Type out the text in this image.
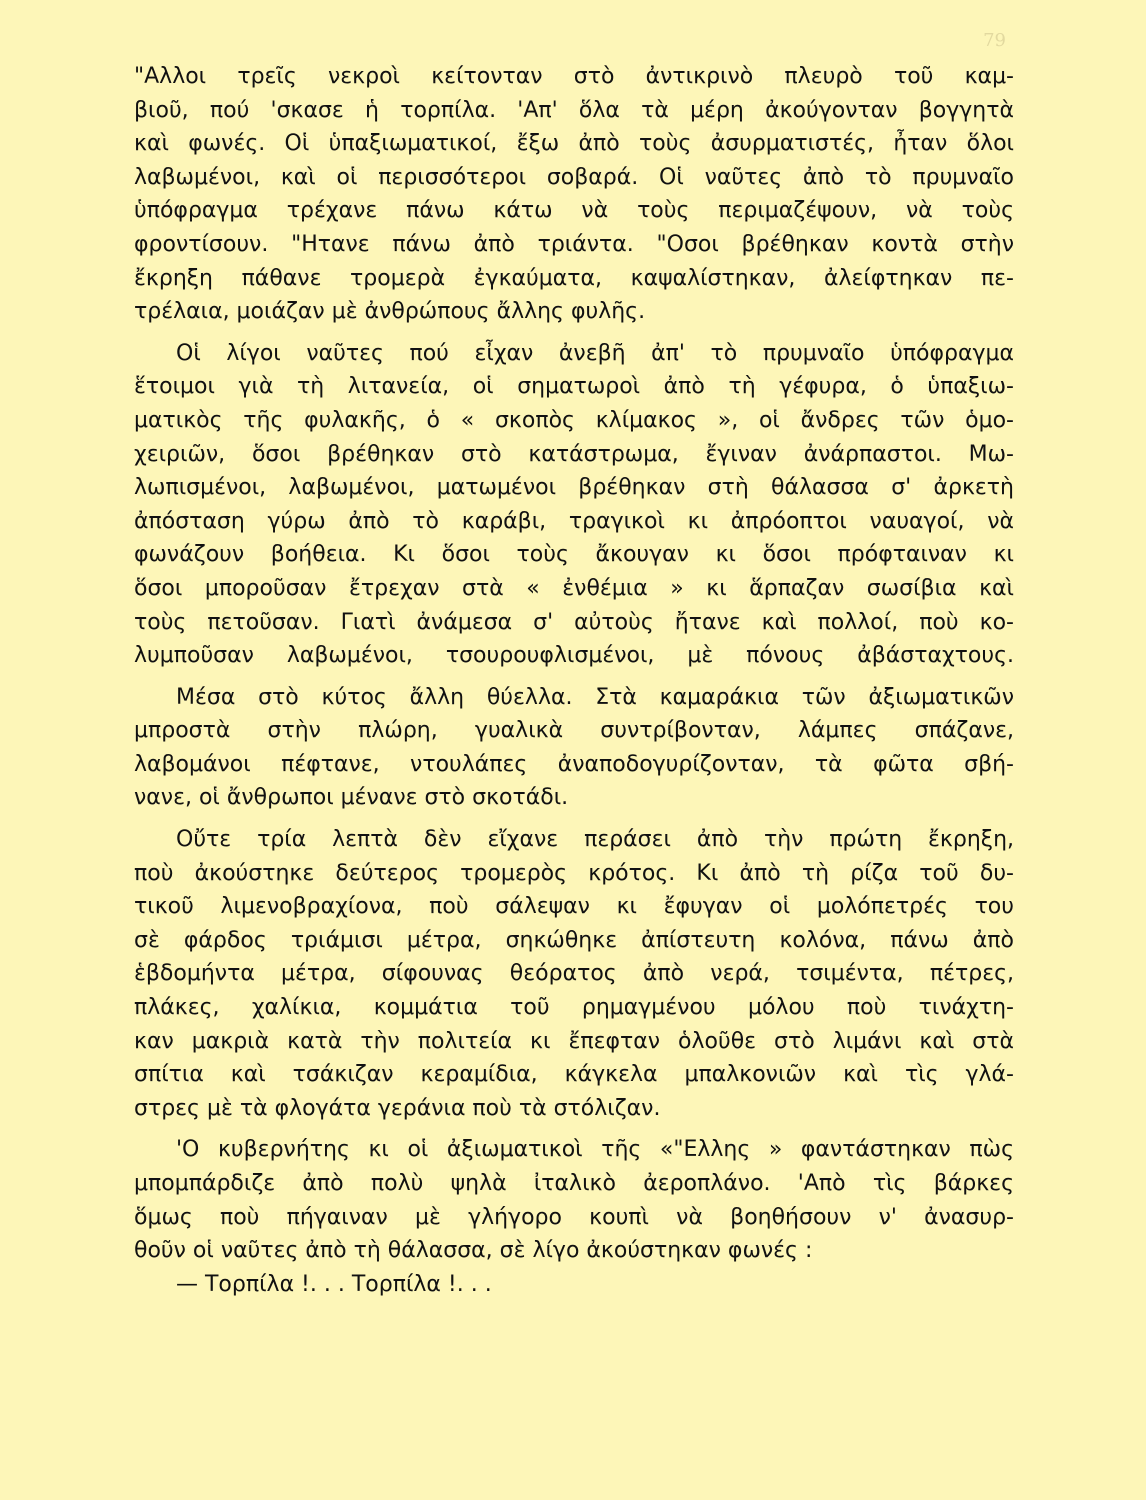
79

"Αλλοι τρεῖς νεκροὶ κείτονταν στὸ ἀντικρινὸ πλευρὸ τοῦ καμ-
βιοῦ, πού 'σκασε ἡ τορπίλα. 'Απ' ὅλα τὰ μέρη ἀκούγονταν βογγητὰ
καὶ φωνές. Οἱ ὑπαξιωματικοί, ἔξω ἀπὸ τοὺς ἀσυρματιστές, ἦταν ὅλοι
λαβωμένοι, καὶ οἱ περισσότεροι σοβαρά. Οἱ ναῦτες ἀπὸ τὸ πρυμναῖο
ὑπόφραγμα τρέχανε πάνω κάτω νὰ τοὺς περιμαζέψουν, νὰ τοὺς
φροντίσουν. "Ητανε πάνω ἀπὸ τριάντα. "Οσοι βρέθηκαν κοντὰ στὴν
ἔκρηξη πάθανε τρομερὰ ἐγκαύματα, καψαλίστηκαν, ἀλείφτηκαν πε-
τρέλαια, μοιάζαν μὲ ἀνθρώπους ἄλλης φυλῆς.
Οἱ λίγοι ναῦτες πού εἶχαν ἀνεβῆ ἀπ' τὸ πρυμναῖο ὑπόφραγμα
ἕτοιμοι γιὰ τὴ λιτανεία, οἱ σηματωροὶ ἀπὸ τὴ γέφυρα, ὁ ὑπαξιω-
ματικὸς τῆς φυλακῆς, ὁ « σκοπὸς κλίμακος », οἱ ἄνδρες τῶν ὁμο-
χειριῶν, ὅσοι βρέθηκαν στὸ κατάστρωμα, ἔγιναν ἀνάρπαστοι. Μω-
λωπισμένοι, λαβωμένοι, ματωμένοι βρέθηκαν στὴ θάλασσα σ' ἀρκετὴ
ἀπόσταση γύρω ἀπὸ τὸ καράβι, τραγικοὶ κι ἀπρόοπτοι ναυαγοί, νὰ
φωνάζουν βοήθεια. Κι ὅσοι τοὺς ἄκουγαν κι ὅσοι πρόφταιναν κι
ὅσοι μποροῦσαν ἔτρεχαν στὰ « ἐνθέμια » κι ἅρπαζαν σωσίβια καὶ
τοὺς πετοῦσαν. Γιατὶ ἀνάμεσα σ' αὐτοὺς ἤτανε καὶ πολλοί, ποὺ κο-
λυμποῦσαν λαβωμένοι, τσουρουφλισμένοι, μὲ πόνους ἀβάσταχτους.
Μέσα στὸ κύτος ἄλλη θύελλα. Στὰ καμαράκια τῶν ἀξιωματικῶν
μπροστὰ στὴν πλώρη, γυαλικὰ συντρίβονταν, λάμπες σπάζανε,
λαβομάνοι πέφτανε, ντουλάπες ἀναποδογυρίζονταν, τὰ φῶτα σβή-
νανε, οἱ ἄνθρωποι μένανε στὸ σκοτάδι.
Οὔτε τρία λεπτὰ δὲν εἴχανε περάσει ἀπὸ τὴν πρώτη ἔκρηξη,
ποὺ ἀκούστηκε δεύτερος τρομερὸς κρότος. Κι ἀπὸ τὴ ρίζα τοῦ δυ-
τικοῦ λιμενοβραχίονα, ποὺ σάλεψαν κι ἔφυγαν οἱ μολόπετρές του
σὲ φάρδος τριάμισι μέτρα, σηκώθηκε ἀπίστευτη κολόνα, πάνω ἀπὸ
ἑβδομήντα μέτρα, σίφουνας θεόρατος ἀπὸ νερά, τσιμέντα, πέτρες,
πλάκες, χαλίκια, κομμάτια τοῦ ρημαγμένου μόλου ποὺ τινάχτη-
καν μακριὰ κατὰ τὴν πολιτεία κι ἔπεφταν ὁλοῦθε στὸ λιμάνι καὶ στὰ
σπίτια καὶ τσάκιζαν κεραμίδια, κάγκελα μπαλκονιῶν καὶ τὶς γλά-
στρες μὲ τὰ φλογάτα γεράνια ποὺ τὰ στόλιζαν.
'Ο κυβερνήτης κι οἱ ἀξιωματικοὶ τῆς «"Ελλης » φαντάστηκαν πὼς
μπομπάρδιζε ἀπὸ πολὺ ψηλὰ ἰταλικὸ ἀεροπλάνο. 'Απὸ τὶς βάρκες
ὅμως ποὺ πήγαιναν μὲ γλήγορο κουπὶ νὰ βοηθήσουν ν' ἀνασυρ-
θοῦν οἱ ναῦτες ἀπὸ τὴ θάλασσα, σὲ λίγο ἀκούστηκαν φωνές :
— Τορπίλα !. . . Τορπίλα !. . .
